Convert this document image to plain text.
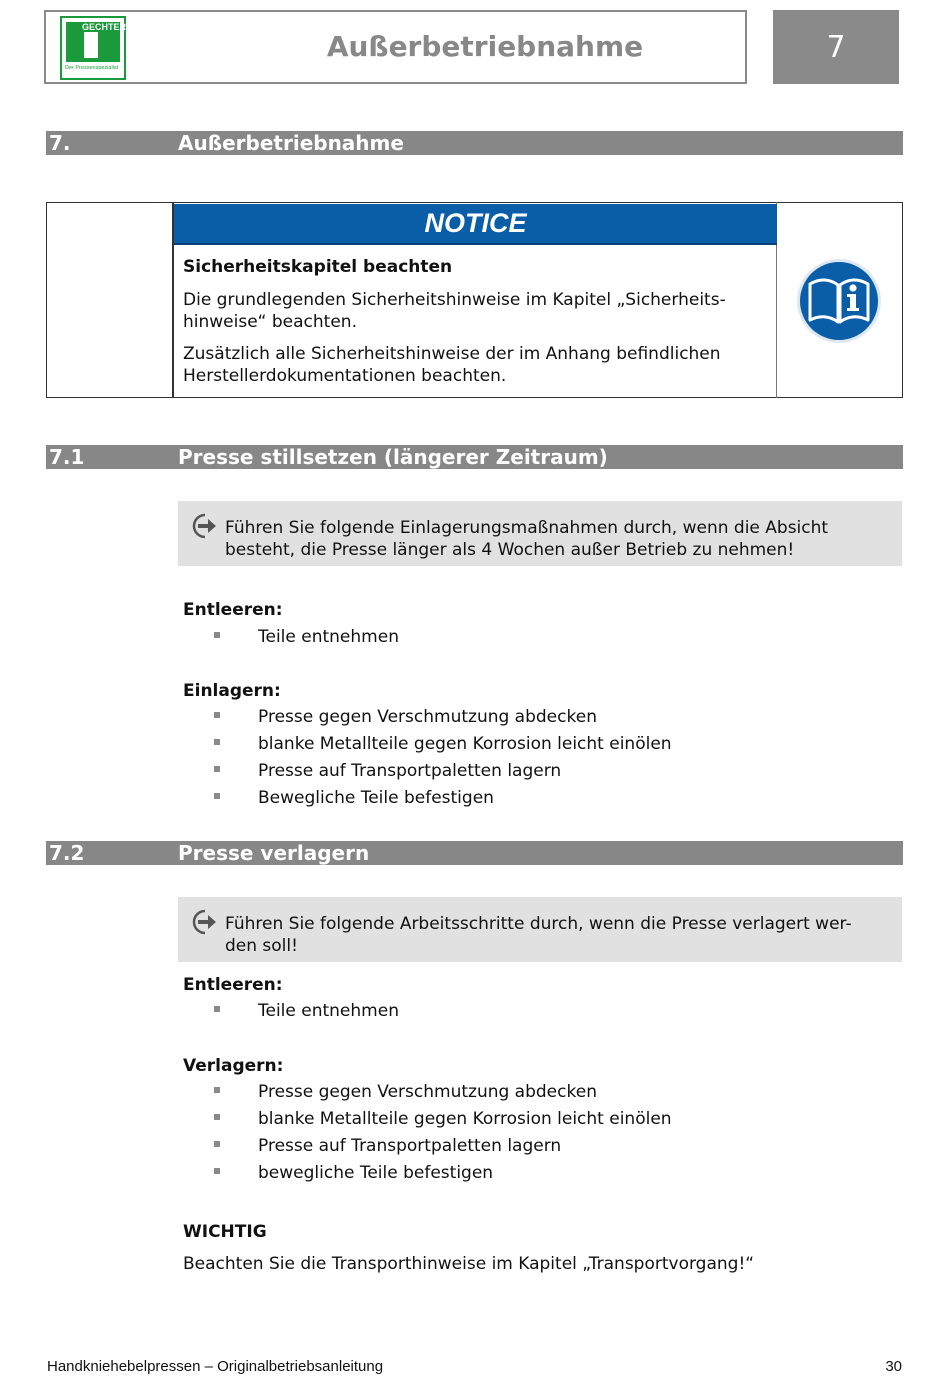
GECHTER
Der Pressenspezialist
Außerbetriebnahme	7
7.	Außerbetriebnahme
NOTICE
Sicherheitskapitel beachten
Die grundlegenden Sicherheitshinweise im Kapitel „Sicherheits-
hinweise“ beachten.
Zusätzlich alle Sicherheitshinweise der im Anhang befindlichen
Herstellerdokumentationen beachten.
7.1	Presse stillsetzen (längerer Zeitraum)
Führen Sie folgende Einlagerungsmaßnahmen durch, wenn die Absicht
besteht, die Presse länger als 4 Wochen außer Betrieb zu nehmen!
Entleeren:
Teile entnehmen
Einlagern:
Presse gegen Verschmutzung abdecken
blanke Metallteile gegen Korrosion leicht einölen
Presse auf Transportpaletten lagern
Bewegliche Teile befestigen
7.2	Presse verlagern
Führen Sie folgende Arbeitsschritte durch, wenn die Presse verlagert wer-
den soll!
Entleeren:
Teile entnehmen
Verlagern:
Presse gegen Verschmutzung abdecken
blanke Metallteile gegen Korrosion leicht einölen
Presse auf Transportpaletten lagern
bewegliche Teile befestigen
WICHTIG
Beachten Sie die Transporthinweise im Kapitel „Transportvorgang!“
Handkniehebelpressen – Originalbetriebsanleitung	30
